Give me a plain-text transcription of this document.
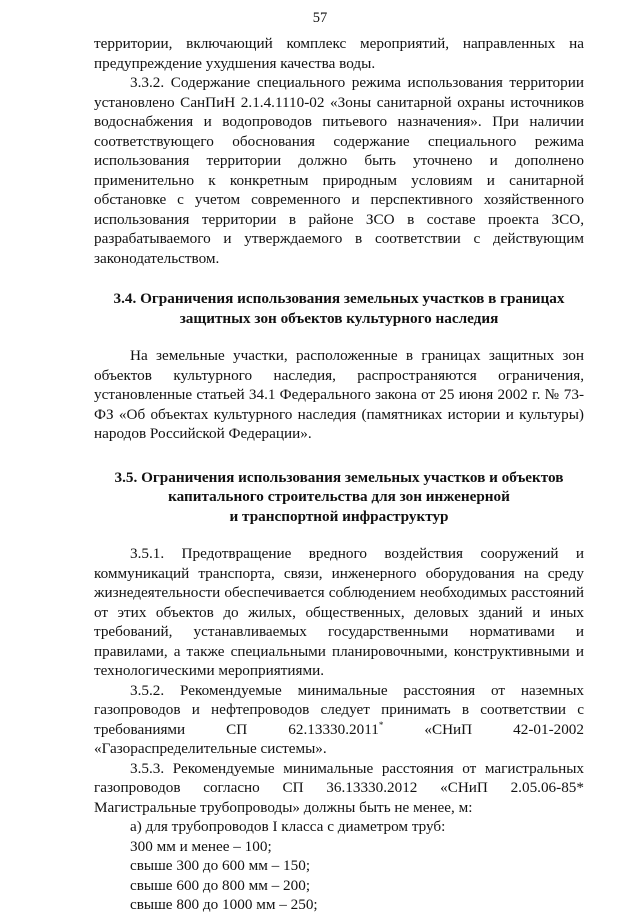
57

территории, включающий комплекс мероприятий, направленных на предупреждение ухудшения качества воды.

3.3.2. Содержание специального режима использования территории установлено СанПиН 2.1.4.1110-02 «Зоны санитарной охраны источников водоснабжения и водопроводов питьевого назначения». При наличии соответствующего обоснования содержание специального режима использования территории должно быть уточнено и дополнено применительно к конкретным природным условиям и санитарной обстановке с учетом современного и перспективного хозяйственного использования территории в районе ЗСО в составе проекта ЗСО, разрабатываемого и утверждаемого в соответствии с действующим законодательством.

3.4. Ограничения использования земельных участков в границах защитных зон объектов культурного наследия

На земельные участки, расположенные в границах защитных зон объектов культурного наследия, распространяются ограничения, установленные статьей 34.1 Федерального закона от 25 июня 2002 г. № 73-ФЗ «Об объектах культурного наследия (памятниках истории и культуры) народов Российской Федерации».

3.5. Ограничения использования земельных участков и объектов
капитального строительства для зон инженерной
и транспортной инфраструктур

3.5.1. Предотвращение вредного воздействия сооружений и коммуникаций транспорта, связи, инженерного оборудования на среду жизнедеятельности обеспечивается соблюдением необходимых расстояний от этих объектов до жилых, общественных, деловых зданий и иных требований, устанавливаемых государственными нормативами и правилами, а также специальными планировочными, конструктивными и технологическими мероприятиями.

3.5.2. Рекомендуемые минимальные расстояния от наземных газопроводов и нефтепроводов следует принимать в соответствии с требованиями СП 62.13330.2011* «СНиП 42-01-2002 «Газораспределительные системы».

3.5.3. Рекомендуемые минимальные расстояния от магистральных газопроводов согласно СП 36.13330.2012 «СНиП 2.05.06-85* Магистральные трубопроводы» должны быть не менее, м:

а) для трубопроводов I класса с диаметром труб:

300 мм и менее – 100;

свыше 300 до 600 мм – 150;

свыше 600 до 800 мм – 200;

свыше 800 до 1000 мм – 250;
